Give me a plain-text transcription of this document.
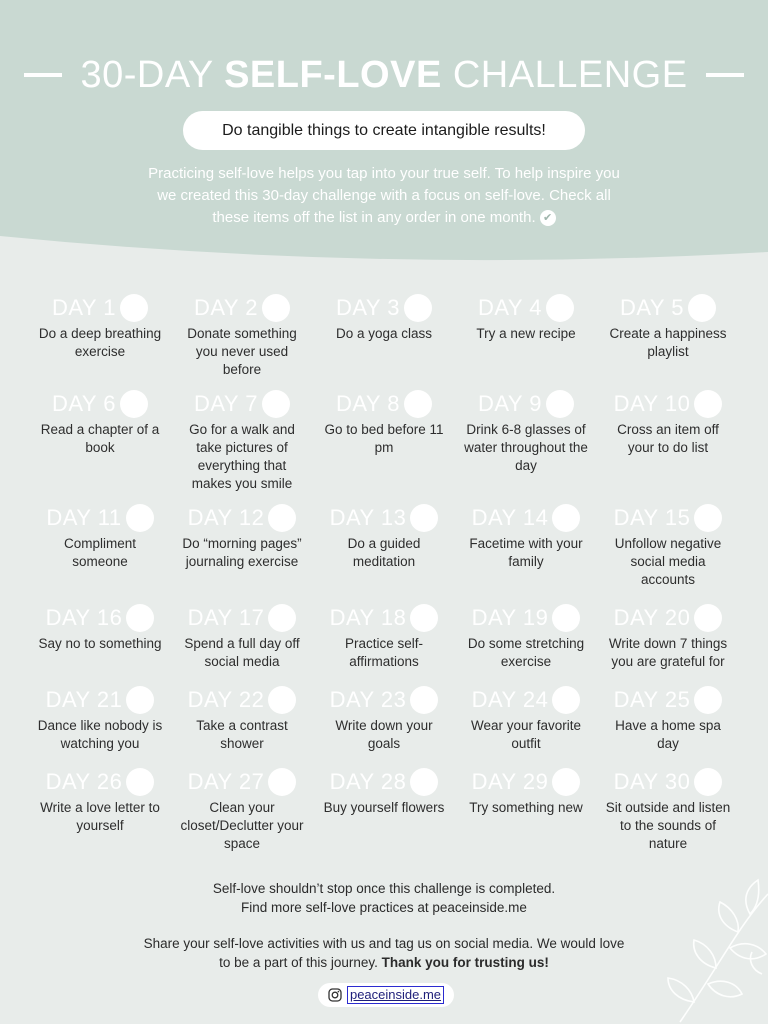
30-DAY SELF-LOVE CHALLENGE
Do tangible things to create intangible results!
Practicing self-love helps you tap into your true self. To help inspire you
we created this 30-day challenge with a focus on self-love. Check all
these items off the list in any order in one month. ✔
DAY 1
Do a deep breathing exercise
DAY 2
Donate something you never used before
DAY 3
Do a yoga class
DAY 4
Try a new recipe
DAY 5
Create a happiness playlist
DAY 6
Read a chapter of a book
DAY 7
Go for a walk and take pictures of everything that makes you smile
DAY 8
Go to bed before 11 pm
DAY 9
Drink 6-8 glasses of water throughout the day
DAY 10
Cross an item off your to do list
DAY 11
Compliment someone
DAY 12
Do “morning pages” journaling exercise
DAY 13
Do a guided meditation
DAY 14
Facetime with your family
DAY 15
Unfollow negative social media accounts
DAY 16
Say no to something
DAY 17
Spend a full day off social media
DAY 18
Practice self-affirmations
DAY 19
Do some stretching exercise
DAY 20
Write down 7 things you are grateful for
DAY 21
Dance like nobody is watching you
DAY 22
Take a contrast shower
DAY 23
Write down your goals
DAY 24
Wear your favorite outfit
DAY 25
Have a home spa day
DAY 26
Write a love letter to yourself
DAY 27
Clean your closet/Declutter your space
DAY 28
Buy yourself flowers
DAY 29
Try something new
DAY 30
Sit outside and listen to the sounds of nature
Self-love shouldn’t stop once this challenge is completed.
Find more self-love practices at peaceinside.me
Share your self-love activities with us and tag us on social media. We would love
to be a part of this journey. Thank you for trusting us!
peaceinside.me
